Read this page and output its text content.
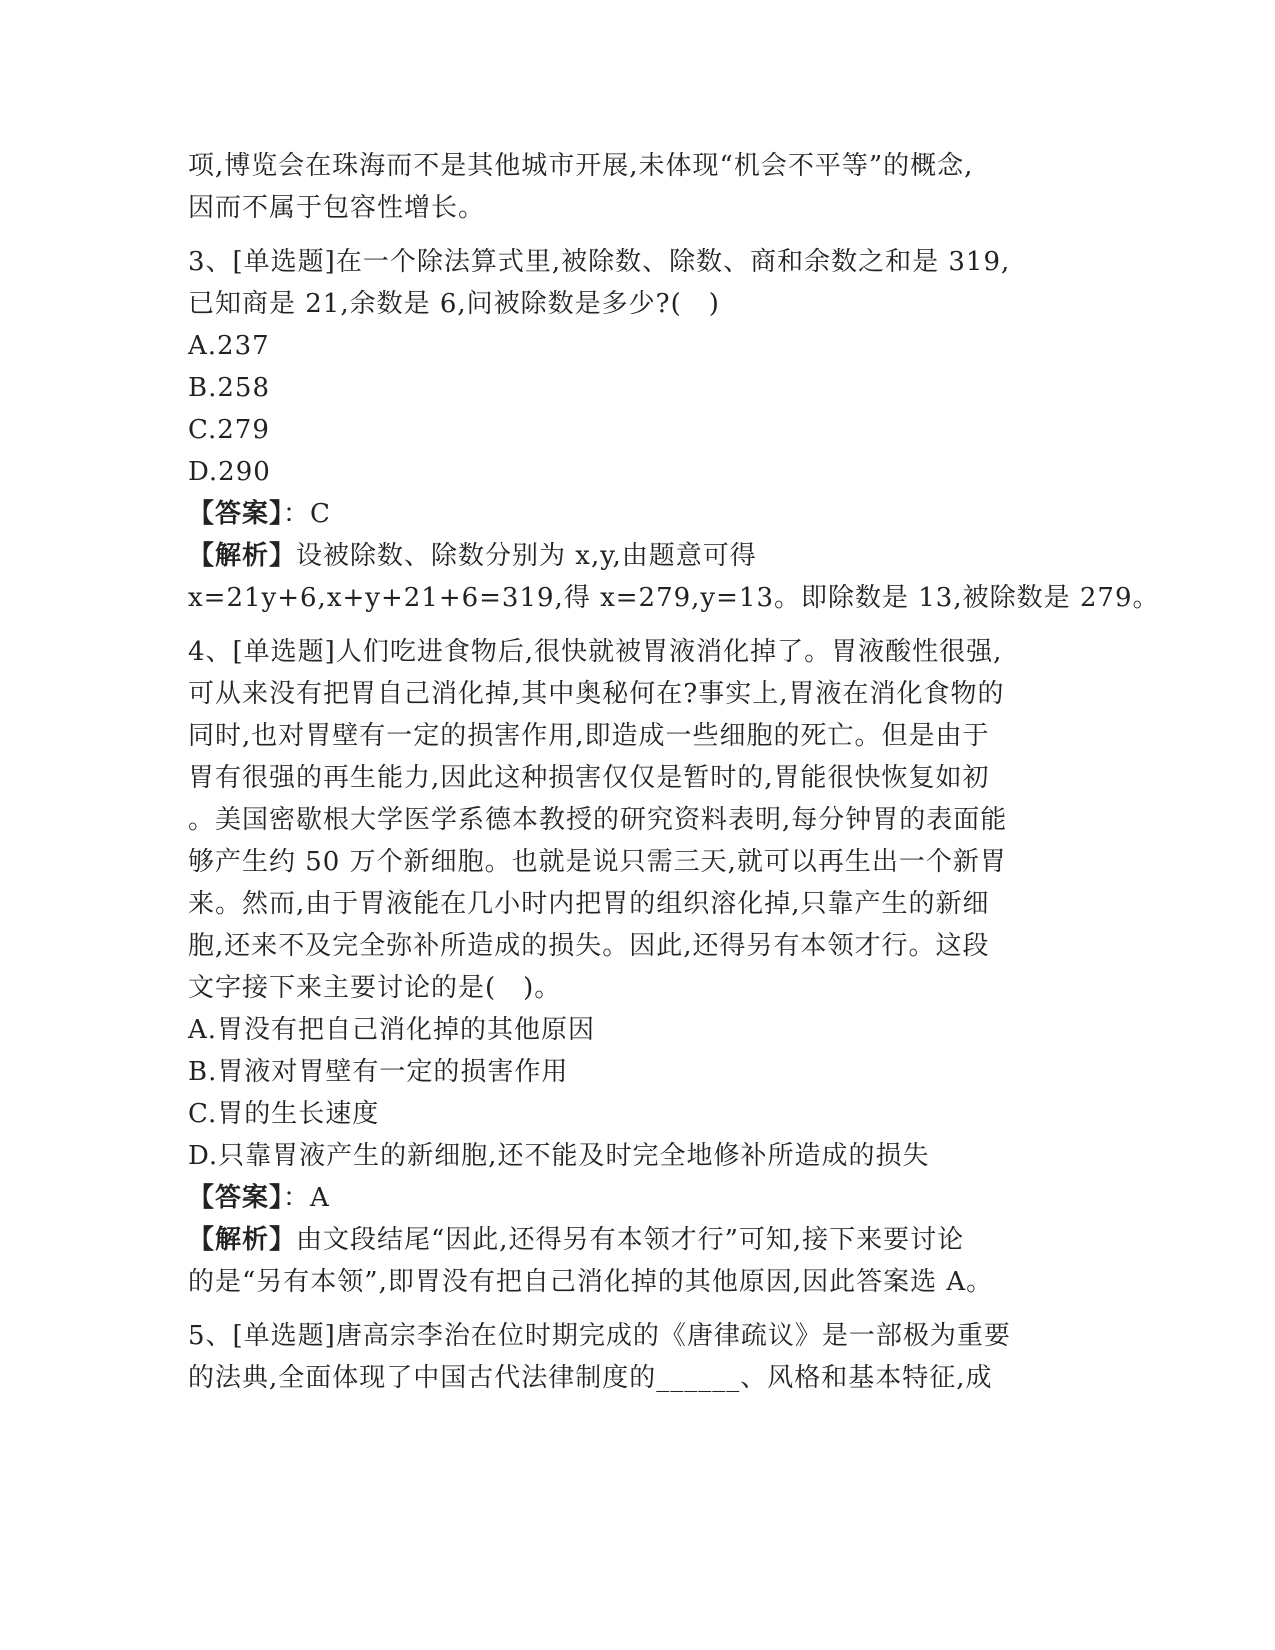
项,博览会在珠海而不是其他城市开展,未体现“机会不平等”的概念,
因而不属于包容性增长。
3、[单选题]在一个除法算式里,被除数、除数、商和余数之和是 319,
已知商是 21,余数是 6,问被除数是多少?(　)
A.237
B.258
C.279
D.290
【答案】：C
【解析】设被除数、除数分别为 x,y,由题意可得
x=21y+6,x+y+21+6=319,得 x=279,y=13。即除数是 13,被除数是 279。
4、[单选题]人们吃进食物后,很快就被胃液消化掉了。胃液酸性很强,
可从来没有把胃自己消化掉,其中奥秘何在?事实上,胃液在消化食物的
同时,也对胃壁有一定的损害作用,即造成一些细胞的死亡。但是由于
胃有很强的再生能力,因此这种损害仅仅是暂时的,胃能很快恢复如初
。美国密歇根大学医学系德本教授的研究资料表明,每分钟胃的表面能
够产生约 50 万个新细胞。也就是说只需三天,就可以再生出一个新胃
来。然而,由于胃液能在几小时内把胃的组织溶化掉,只靠产生的新细
胞,还来不及完全弥补所造成的损失。因此,还得另有本领才行。这段
文字接下来主要讨论的是(　)。
A.胃没有把自己消化掉的其他原因
B.胃液对胃壁有一定的损害作用
C.胃的生长速度
D.只靠胃液产生的新细胞,还不能及时完全地修补所造成的损失
【答案】：A
【解析】由文段结尾“因此,还得另有本领才行”可知,接下来要讨论
的是“另有本领”,即胃没有把自己消化掉的其他原因,因此答案选 A。
5、[单选题]唐高宗李治在位时期完成的《唐律疏议》是一部极为重要
的法典,全面体现了中国古代法律制度的______、风格和基本特征,成
